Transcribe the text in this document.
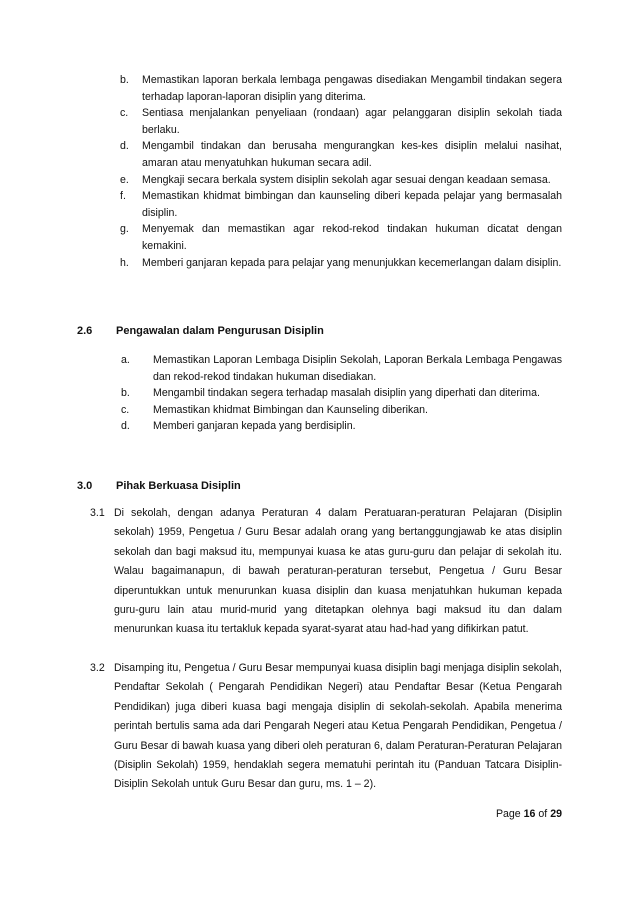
b.	Memastikan laporan berkala lembaga pengawas disediakan Mengambil tindakan segera terhadap laporan-laporan disiplin yang diterima.
c.	Sentiasa menjalankan penyeliaan (rondaan) agar pelanggaran disiplin sekolah tiada berlaku.
d.	Mengambil tindakan dan berusaha mengurangkan kes-kes disiplin melalui nasihat, amaran atau menyatuhkan hukuman secara adil.
e.	Mengkaji secara berkala system disiplin sekolah agar sesuai dengan keadaan semasa.
f.	Memastikan khidmat bimbingan dan kaunseling diberi kepada pelajar yang bermasalah disiplin.
g.	Menyemak dan memastikan agar rekod-rekod tindakan hukuman dicatat dengan kemakini.
h.	Memberi ganjaran kepada para pelajar yang menunjukkan kecemerlangan dalam disiplin.
2.6	Pengawalan dalam Pengurusan Disiplin
a.	Memastikan Laporan Lembaga Disiplin Sekolah, Laporan Berkala Lembaga Pengawas dan rekod-rekod tindakan hukuman disediakan.
b.	Mengambil tindakan segera terhadap masalah disiplin yang diperhati dan diterima.
c.	Memastikan khidmat Bimbingan dan Kaunseling diberikan.
d.	Memberi ganjaran kepada yang berdisiplin.
3.0	Pihak Berkuasa Disiplin
3.1 Di sekolah, dengan adanya Peraturan 4 dalam Peratuaran-peraturan Pelajaran (Disiplin sekolah) 1959, Pengetua / Guru Besar adalah orang yang bertanggungjawab ke atas disiplin sekolah dan bagi maksud itu, mempunyai kuasa ke atas guru-guru dan pelajar di sekolah itu. Walau bagaimanapun, di bawah peraturan-peraturan tersebut, Pengetua / Guru Besar diperuntukkan untuk menurunkan kuasa disiplin dan kuasa menjatuhkan hukuman kepada guru-guru lain atau murid-murid yang ditetapkan olehnya bagi maksud itu dan dalam menurunkan kuasa itu tertakluk kepada syarat-syarat atau had-had yang difikirkan patut.
3.2 Disamping itu, Pengetua / Guru Besar mempunyai kuasa disiplin bagi menjaga disiplin sekolah, Pendaftar Sekolah ( Pengarah Pendidikan Negeri) atau Pendaftar Besar (Ketua Pengarah Pendidikan) juga diberi kuasa bagi mengaja disiplin di sekolah-sekolah. Apabila menerima perintah bertulis sama ada dari Pengarah Negeri atau Ketua Pengarah Pendidikan, Pengetua / Guru Besar di bawah kuasa yang diberi oleh peraturan 6, dalam Peraturan-Peraturan Pelajaran (Disiplin Sekolah) 1959, hendaklah segera mematuhi perintah itu (Panduan Tatcara Disiplin-Disiplin Sekolah untuk Guru Besar dan guru, ms. 1 – 2).
Page 16 of 29
